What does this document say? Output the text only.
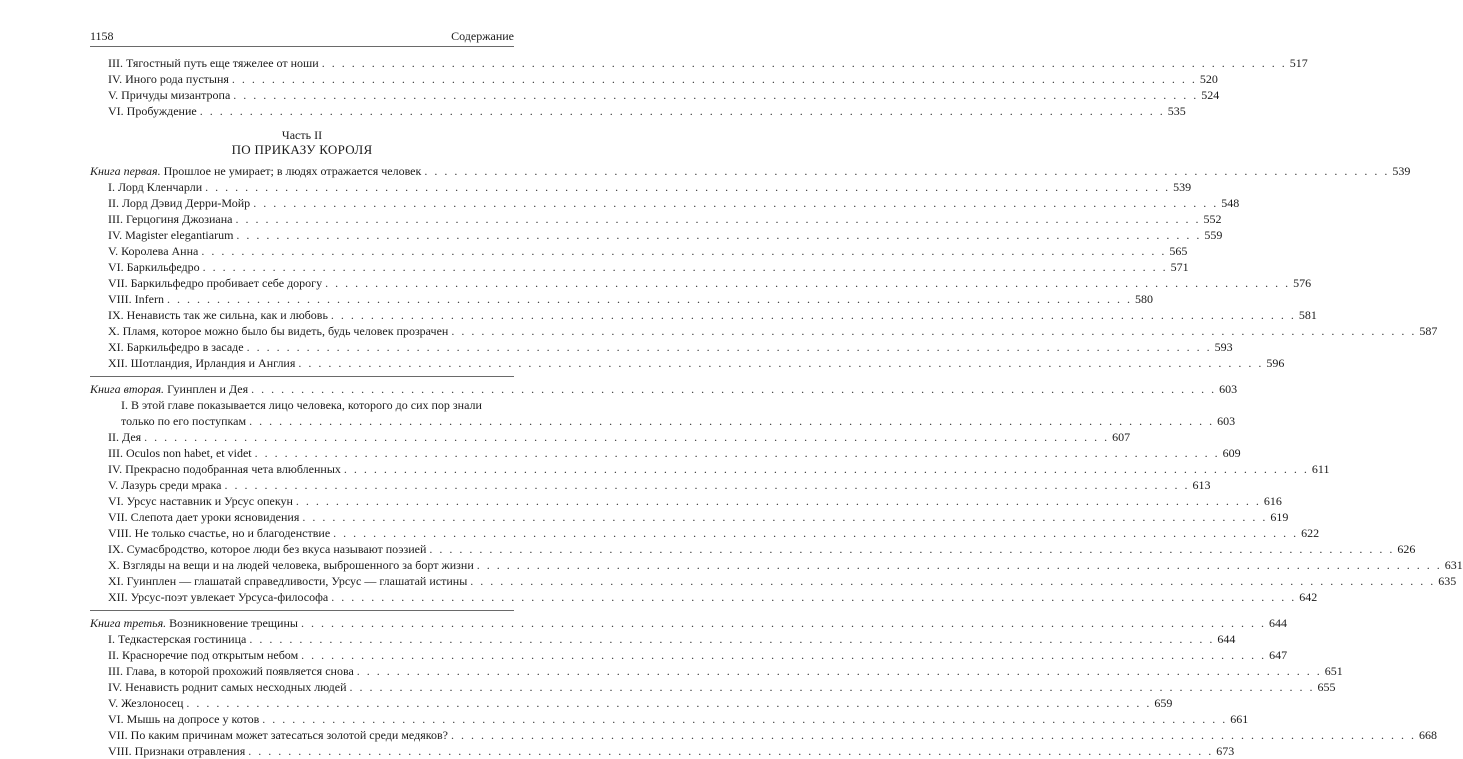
1158	Содержание
III. Тягостный путь еще тяжелее от ноши . . .	517
IV. Иного рода пустыня . . .	520
V. Причуды мизантропа . . .	524
VI. Пробуждение . . .	535
Часть II
ПО ПРИКАЗУ КОРОЛЯ
Книга первая. Прошлое не умирает; в людях отражается человек . . .	539
I. Лорд Кленчарли . . .	539
II. Лорд Дэвид Дерри-Мойр . . .	548
III. Герцогиня Джозиана . . .	552
IV. Magister elegantiarum . . .	559
V. Королева Анна . . .	565
VI. Баркильфедро . . .	571
VII. Баркильфедро пробивает себе дорогу . . .	576
VIII. Infern . . .	580
IX. Ненависть так же сильна, как и любовь . . .	581
X. Пламя, которое можно было бы видеть, будь человек прозрачен . . .	587
XI. Баркильфедро в засаде . . .	593
XII. Шотландия, Ирландия и Англия . . .	596
Книга вторая. Гуинплен и Дея . . .	603
I. В этой главе показывается лицо человека, которого до сих пор знали
только по его поступкам . . .	603
II. Дея . . .	607
III. Oculos non habet, et videt . . .	609
IV. Прекрасно подобранная чета влюбленных . . .	611
V. Лазурь среди мрака . . .	613
VI. Урсус наставник и Урсус опекун . . .	616
VII. Слепота дает уроки ясновидения . . .	619
VIII. Не только счастье, но и благоденствие . . .	622
IX. Сумасбродство, которое люди без вкуса называют поэзией . . .	626
X. Взгляды на вещи и на людей человека, выброшенного за борт жизни . . .	631
XI. Гуинплен — глашатай справедливости, Урсус — глашатай истины . . .	635
XII. Урсус-поэт увлекает Урсуса-философа . . .	642
Книга третья. Возникновение трещины . . .	644
I. Тедкастерская гостиница . . .	644
II. Красноречие под открытым небом . . .	647
III. Глава, в которой прохожий появляется снова . . .	651
IV. Ненависть роднит самых несходных людей . . .	655
V. Жезлоносец . . .	659
VI. Мышь на допросе у котов . . .	661
VII. По каким причинам может затесаться золотой среди медяков? . . .	668
VIII. Признаки отравления . . .	673
